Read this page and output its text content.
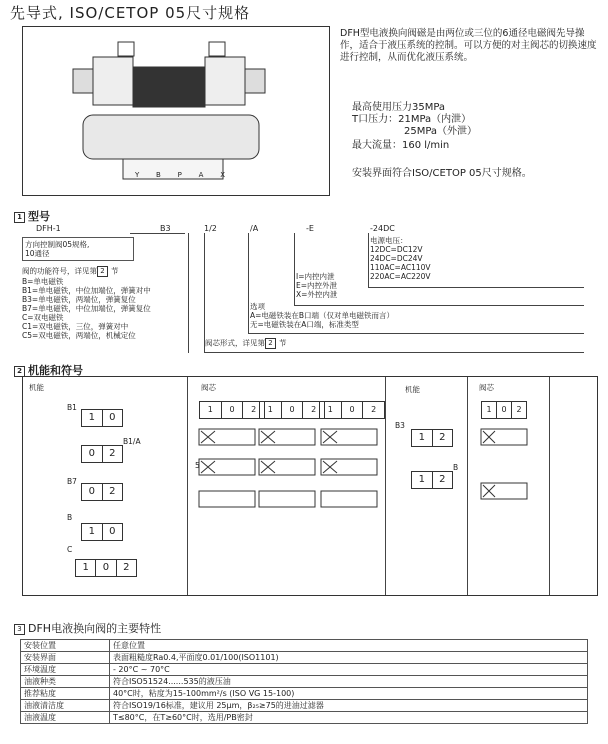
先导式, ISO/CETOP 05尺寸规格
Y B P A X
DFH型电液换向阀磁是由两位或三位的6通径电磁阀先导操作，适合于液压系统的控制。可以方便的对主阀芯的切换速度进行控制，从而优化液压系统。
最高使用压力35MPa
T口压力：21MPa（内泄）
25MPa（外泄）
最大流量：160 l/min
安装界面符合ISO/CETOP 05尺寸规格。
1 型号
DFH-1	B3	1/2	/A	-E	-24DC
方向控制阀05规格,
10通径
阀的功能符号，详见第 2 节
B=单电磁铁
B1=单电磁铁，中位加端位，弹簧对中
B3=单电磁铁，两端位，弹簧复位
B7=单电磁铁，中位加端位，弹簧复位
C=双电磁铁
C1=双电磁铁，三位，弹簧对中
C5=双电磁铁，两端位，机械定位
阀芯形式，详见第 2 节
选项
A=电磁铁装在B口端（仅对单电磁铁而言）
无=电磁铁装在A口端，标准类型
I=内控内泄
E=内控外泄
X=外控内泄
电源电压：
12DC=DC12V
24DC=DC24V
110AC=AC110V
220AC=AC220V
2 机能和符号
机能	阀芯	机能	阀芯
B1
1	0
B1/A
0	2
B7
0	2
B
1	0
C
1	0	2
1	0	2	1	0	2	1	0	2
5
B3
1	2
B
1	2
1	0	2
3 DFH电液换向阀的主要特性
安装位置	任意位置
安装界面	表面粗糙度Ra0.4,平面度0.01/100(ISO1101)
环境温度	- 20°C ~ 70°C
油液种类	符合ISO51524......535的液压油
推荐粘度	40°C时，粘度为15-100mm²/s (ISO VG 15-100)
油液清洁度	符合ISO19/16标准，建议用 25μm，β₂₅≥75的进油过滤器
油液温度	T≤80°C，在T≥60°C时，选用/PB密封
